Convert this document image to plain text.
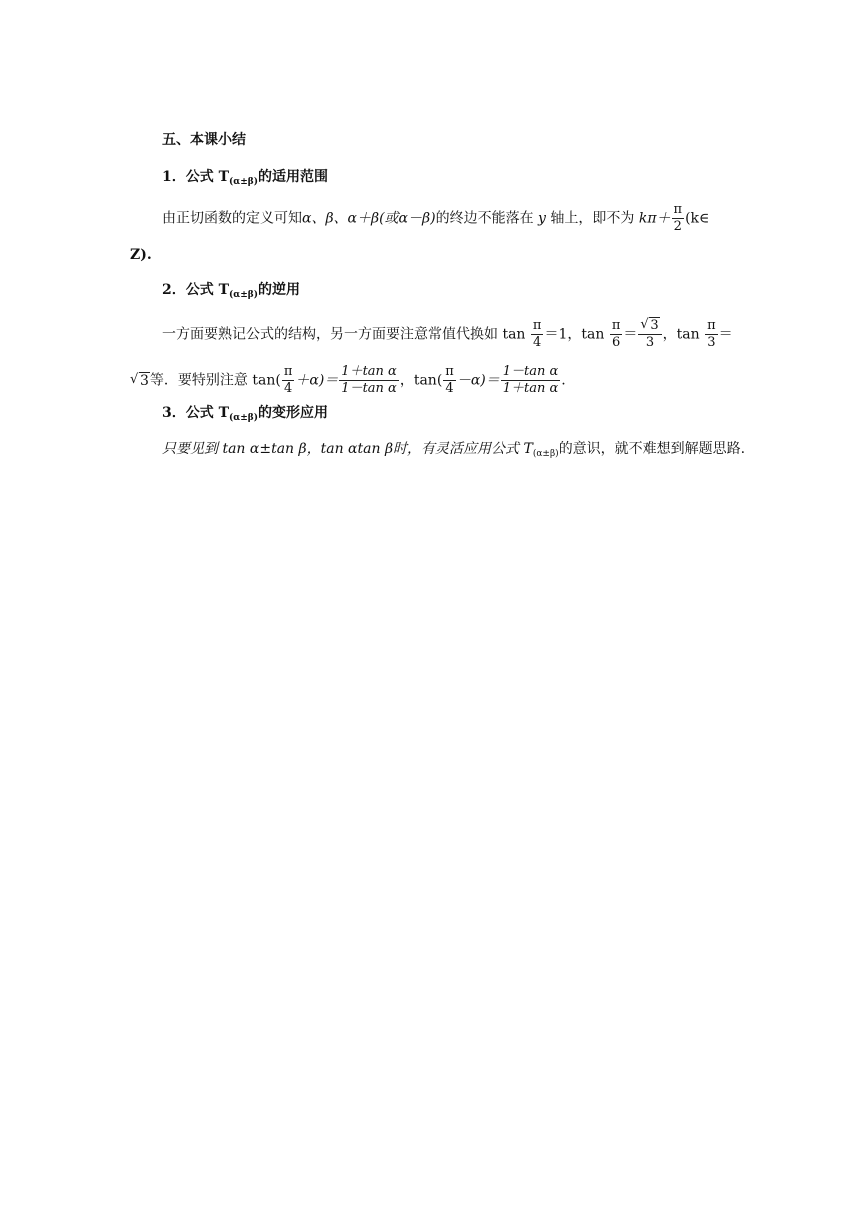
五、本课小结
1．公式 $T_{(\alpha\pm\beta)}$的适用范围
由正切函数的定义可知α、β、α＋β(或α－β)的终边不能落在 y 轴上，即不为 $k\pi+ \frac{\pi}{2}$ (k∈
Z).
2．公式 $T_{(\alpha\pm\beta)}$的逆用
一方面要熟记公式的结构，另一方面要注意常值代换如 $\tan \frac{\pi}{4} =1$，$\tan \frac{\pi}{6}$ ＝
√ $\frac{3}{3}$ ，$\tan \frac{\pi}{3}$ ＝
√ 3等．要特别注意 $\tan( \frac{\pi}{4} +\alpha)= \frac{\text{1＋tan α}}{\text{1－tan α}}$ ，$\tan( \frac{\pi}{4} -\alpha)= \frac{\text{1－tan α}}{\text{1＋tan α}}$ .
3．公式 $T_{(\alpha\pm\beta)}$的变形应用
只要见到 tan α±tan β，tan αtan β时，有灵活应用公式 $T_{(\alpha\pm\beta)}$的意识，就不难想到解题思路.
